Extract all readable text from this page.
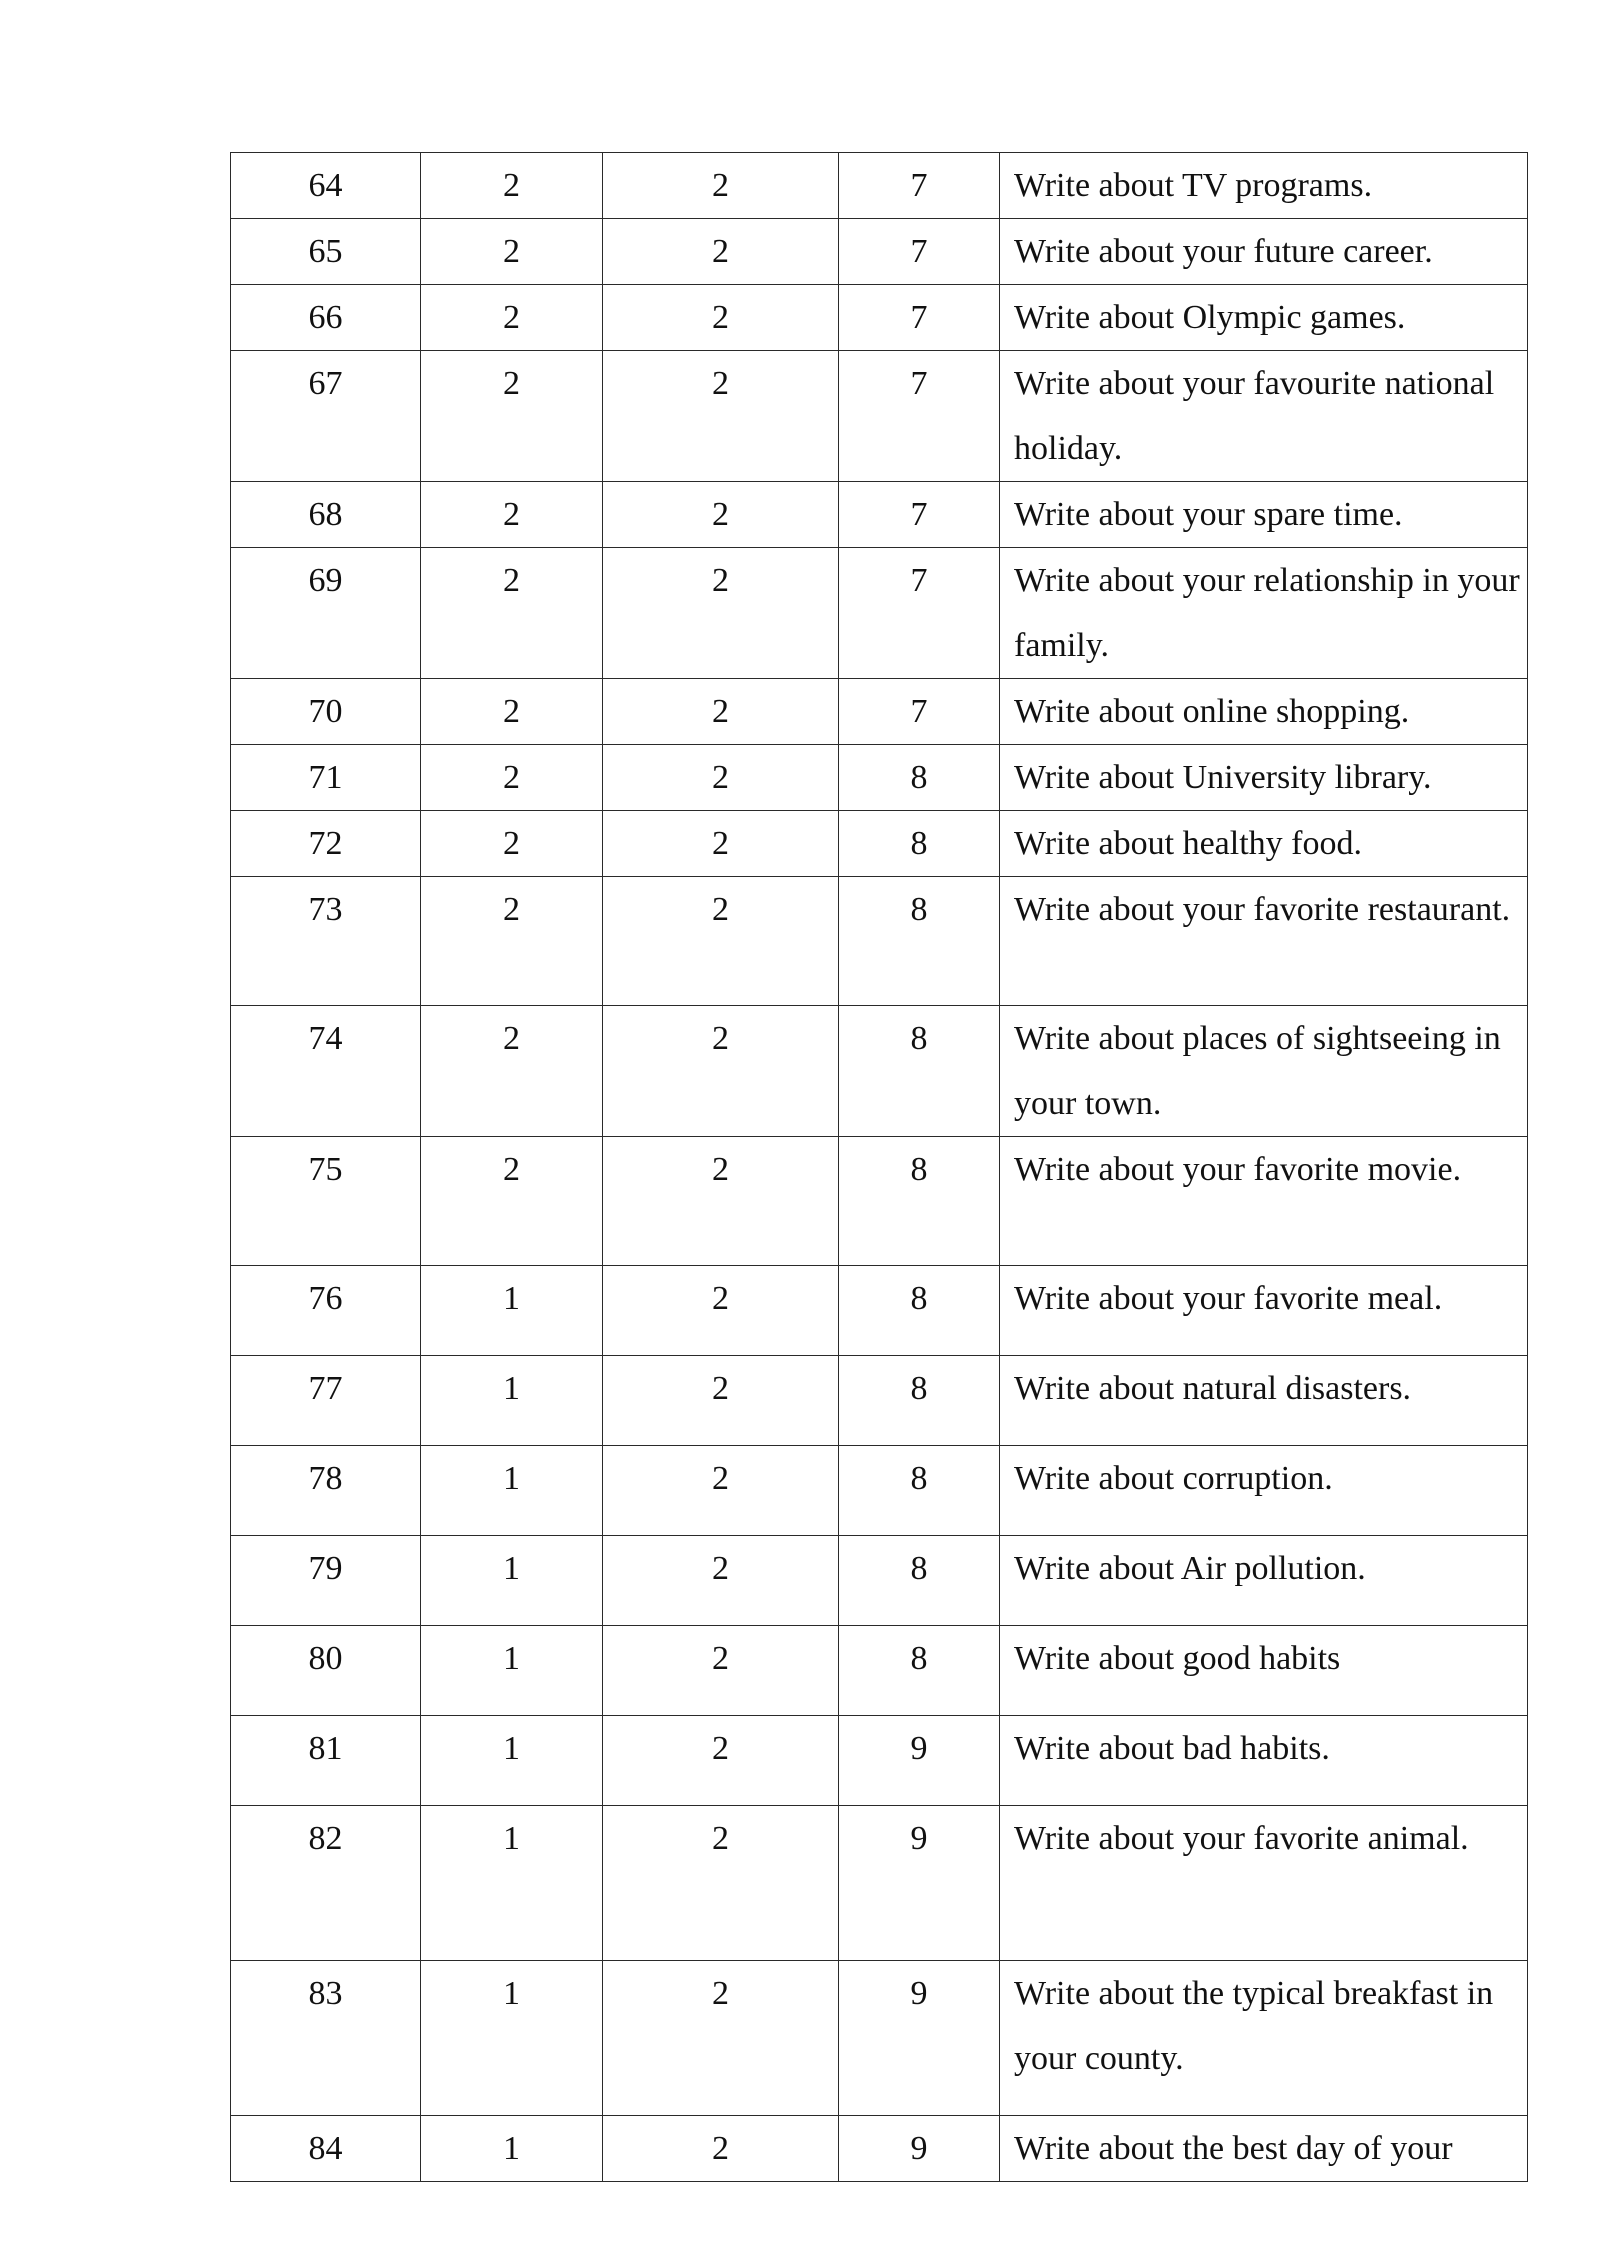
64	2	2	7	Write about TV programs.

65	2	2	7	Write about your future career.

66	2	2	7	Write about Olympic games.

67	2	2	7	Write about your favourite national holiday.

68	2	2	7	Write about your spare time.

69	2	2	7	Write about your relationship in your family.

70	2	2	7	Write about online shopping.

71	2	2	8	Write about University library.

72	2	2	8	Write about healthy food.

73	2	2	8	Write about your favorite restaurant.

74	2	2	8	Write about places of sightseeing in your town.

75	2	2	8	Write about your favorite movie.

76	1	2	8	Write about your favorite meal.

77	1	2	8	Write about natural disasters.

78	1	2	8	Write about corruption.

79	1	2	8	Write about Air pollution.

80	1	2	8	Write about good habits

81	1	2	9	Write about bad habits.

82	1	2	9	Write about your favorite animal.

83	1	2	9	Write about the typical breakfast in your county.

84	1	2	9	Write about the best day of your
